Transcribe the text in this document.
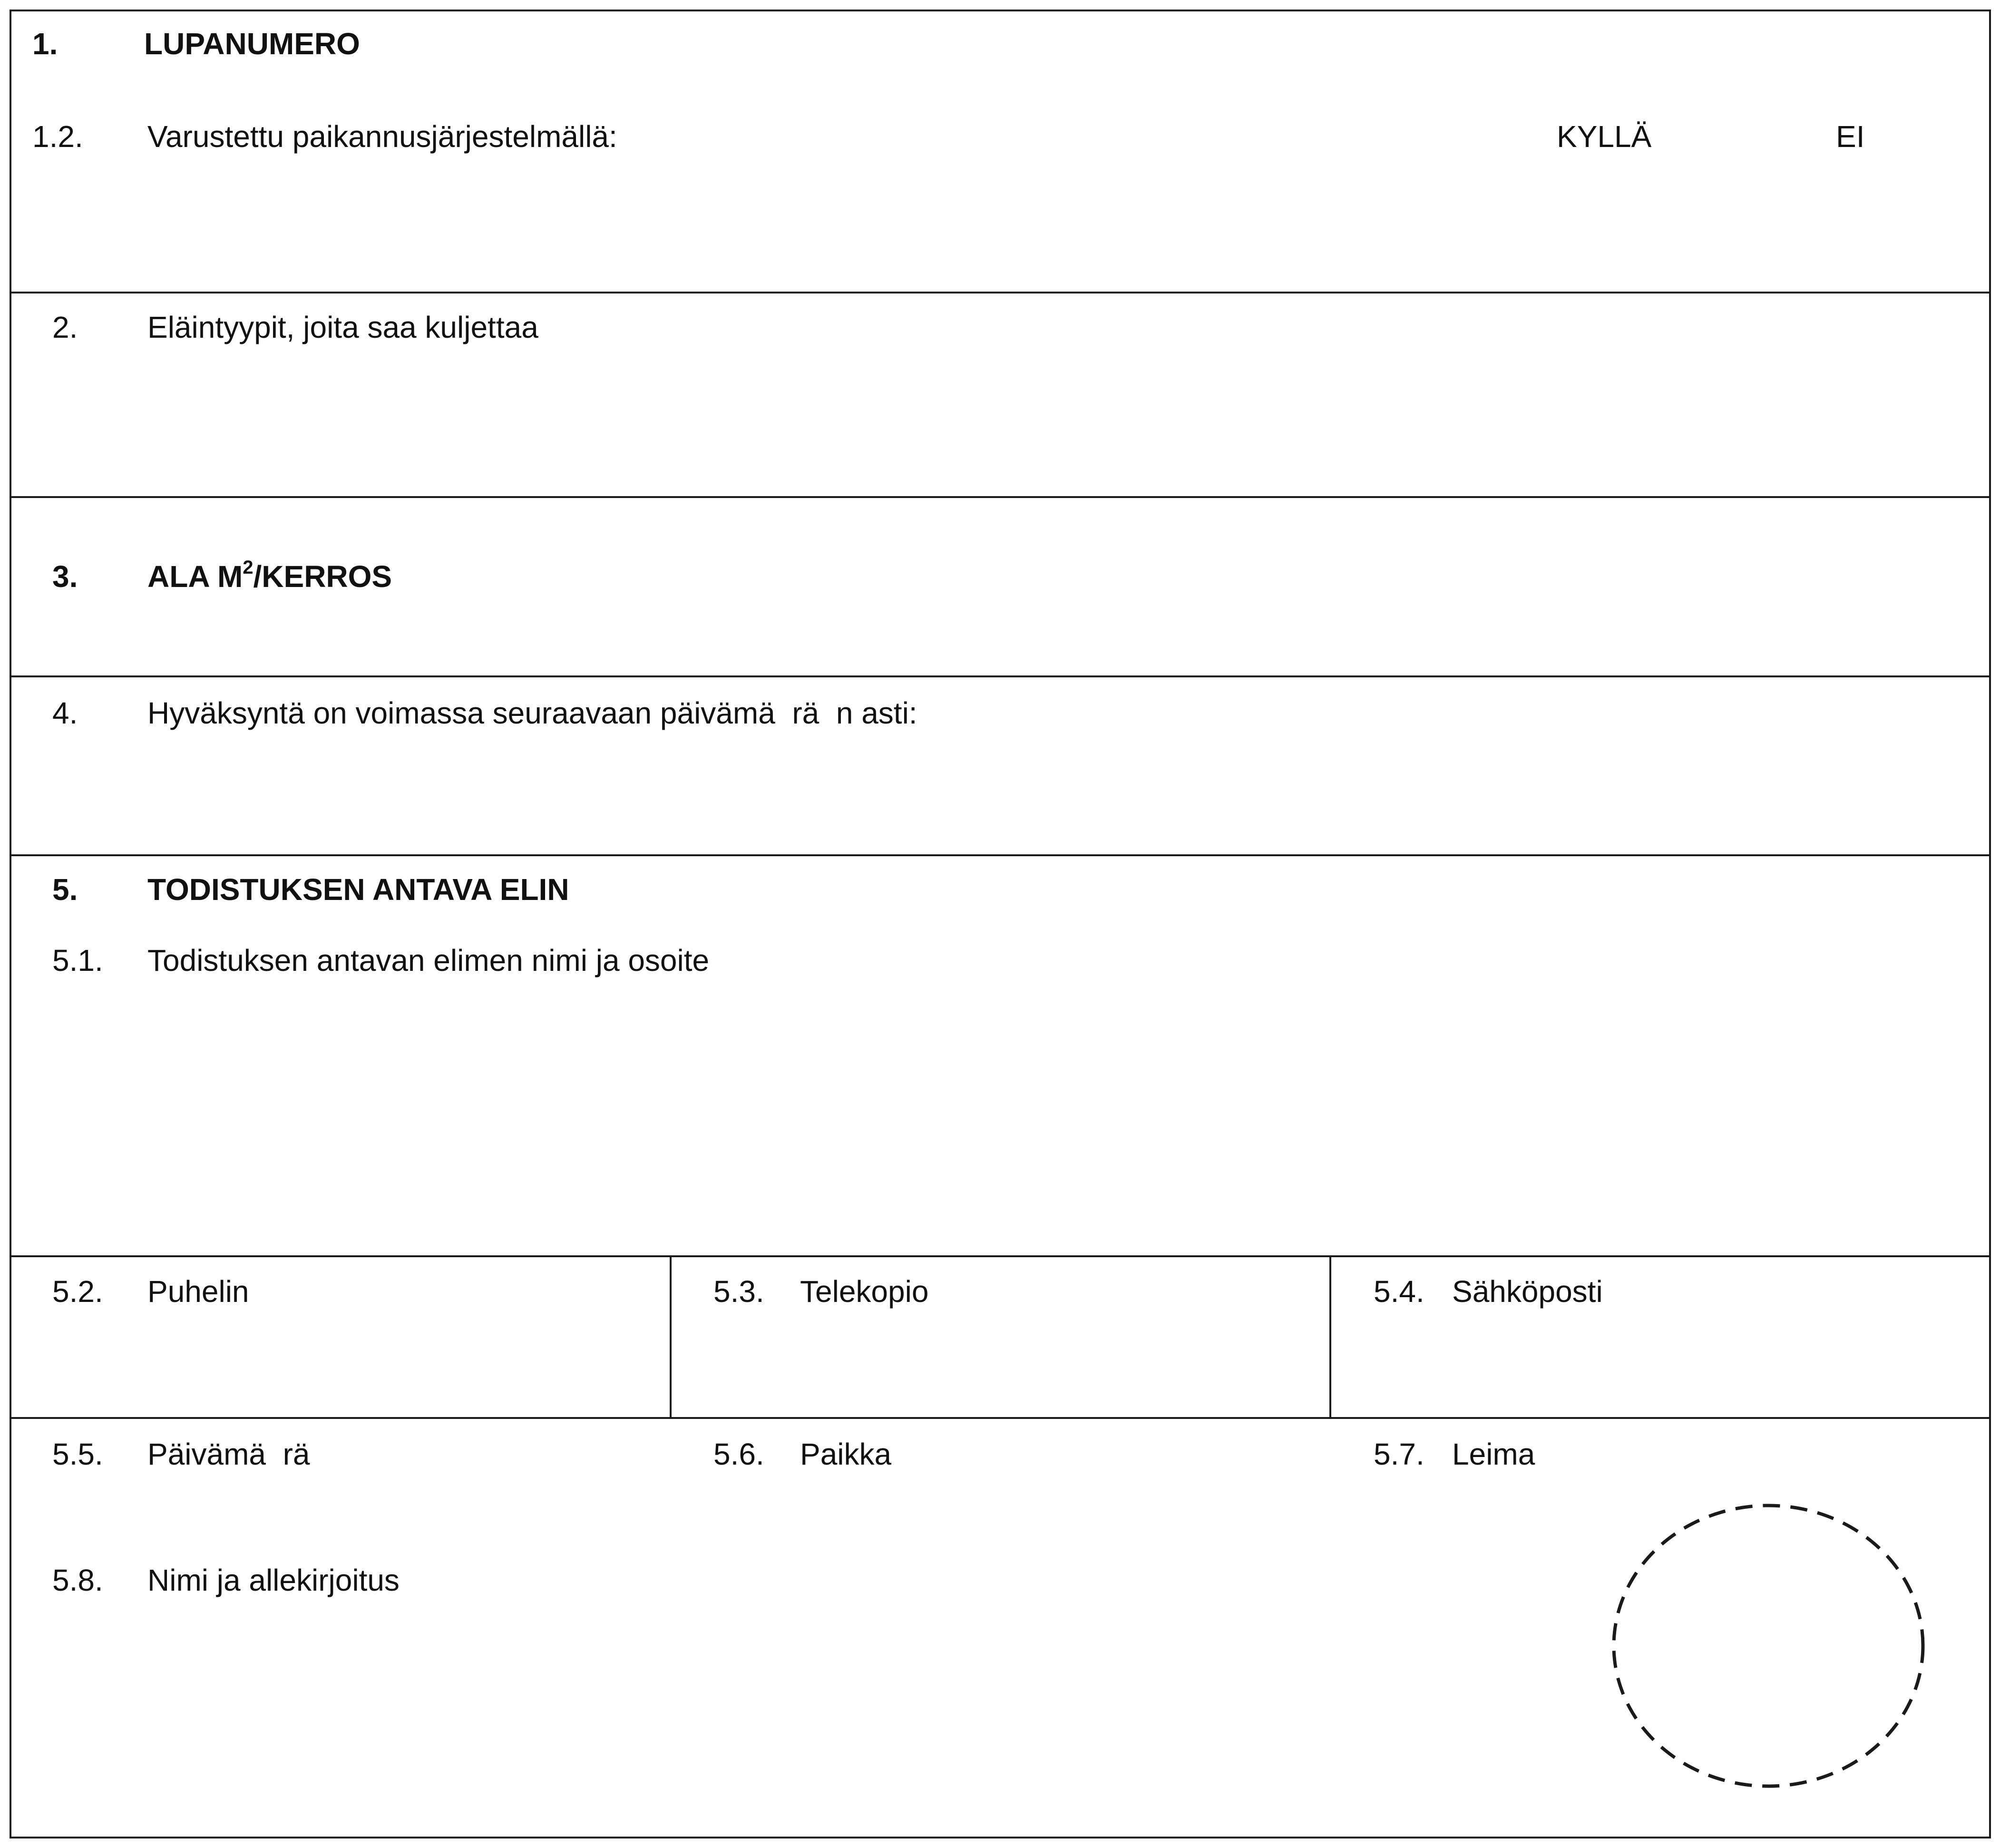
1.	LUPANUMERO
1.2. Varustettu paikannusjärjestelmällä:	KYLLÄ	EI
2. Eläintyypit, joita saa kuljettaa
3. ALA $M^2$/KERROS
4. Hyväksyntä on voimassa seuraavaan päivämä  rä  n asti:
5. TODISTUKSEN ANTAVA ELIN
5.1. Todistuksen antavan elimen nimi ja osoite
5.2. Puhelin	5.3. Telekopio	5.4. Sähköposti
5.5. Päivämä  rä	5.6. Paikka	5.7. Leima
5.8. Nimi ja allekirjoitus
